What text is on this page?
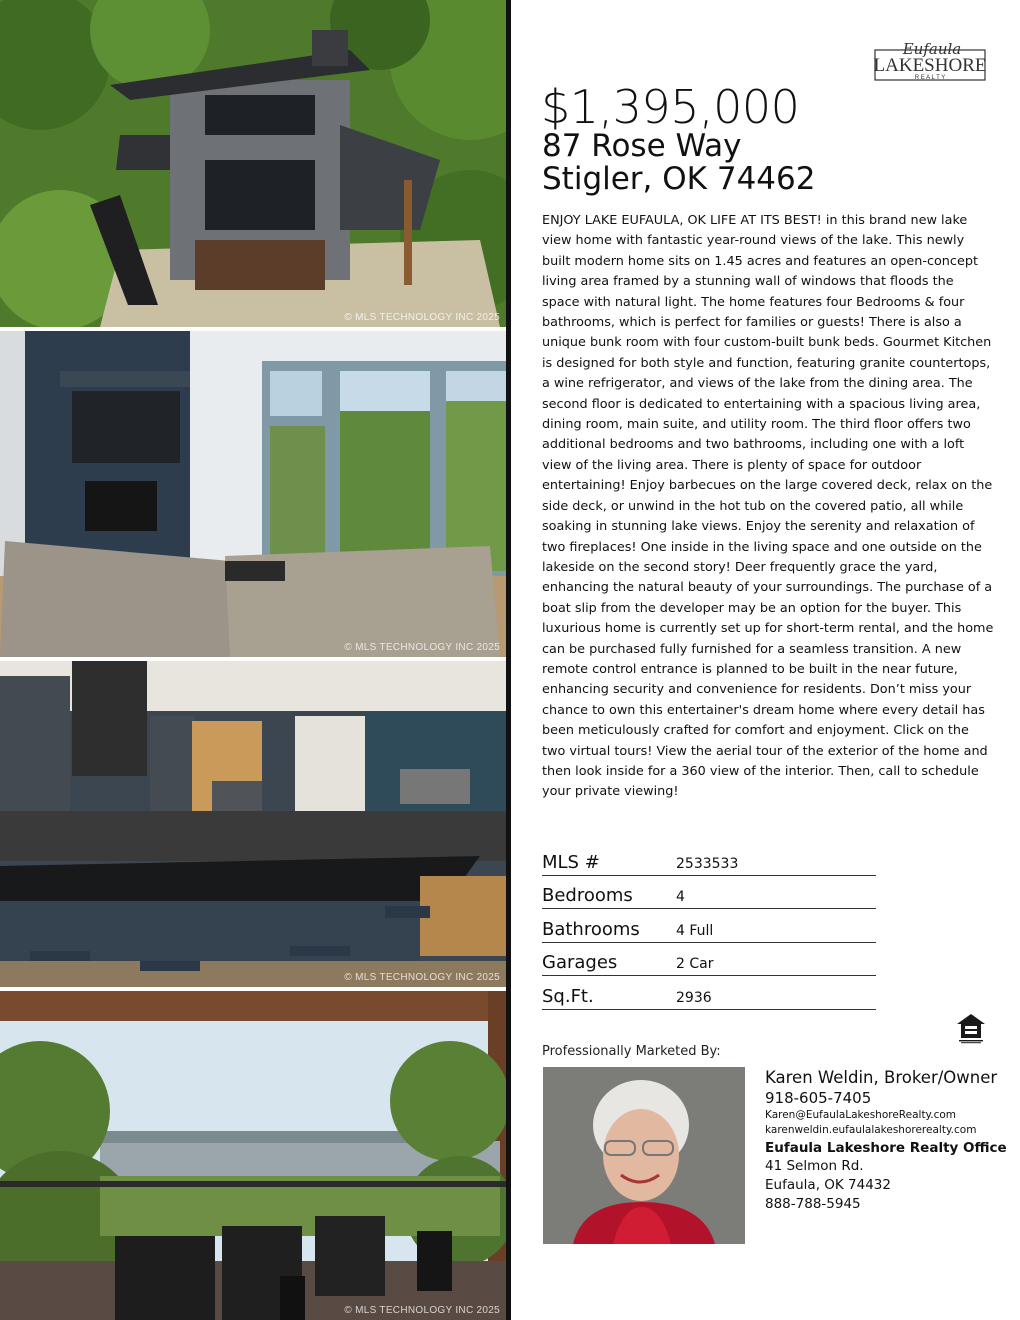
© MLS TECHNOLOGY INC 2025
© MLS TECHNOLOGY INC 2025
© MLS TECHNOLOGY INC 2025
© MLS TECHNOLOGY INC 2025
Eufaula
LAKESHORE
R E A L T Y
$1,395,000
87 Rose Way
Stigler, OK 74462
ENJOY LAKE EUFAULA, OK LIFE AT ITS BEST! in this brand new lake view home with fantastic year-round views of the lake. This newly built modern home sits on 1.45 acres and features an open-concept living area framed by a stunning wall of windows that floods the space with natural light. The home features four Bedrooms & four bathrooms, which is perfect for families or guests! There is also a unique bunk room with four custom-built bunk beds. Gourmet Kitchen is designed for both style and function, featuring granite countertops, a wine refrigerator, and views of the lake from the dining area. The second floor is dedicated to entertaining with a spacious living area, dining room, main suite, and utility room. The third floor offers two additional bedrooms and two bathrooms, including one with a loft view of the living area. There is plenty of space for outdoor entertaining! Enjoy barbecues on the large covered deck, relax on the side deck, or unwind in the hot tub on the covered patio, all while soaking in stunning lake views. Enjoy the serenity and relaxation of two fireplaces! One inside in the living space and one outside on the lakeside on the second story! Deer frequently grace the yard, enhancing the natural beauty of your surroundings. The purchase of a boat slip from the developer may be an option for the buyer. This luxurious home is currently set up for short-term rental, and the home can be purchased fully furnished for a seamless transition. A new remote control entrance is planned to be built in the near future, enhancing security and convenience for residents. Don’t miss your chance to own this entertainer's dream home where every detail has been meticulously crafted for comfort and enjoyment. Click on the two virtual tours! View the aerial tour of the exterior of the home and then look inside for a 360 view of the interior. Then, call to schedule your private viewing!
MLS #	2533533
Bedrooms	4
Bathrooms	4 Full
Garages	2 Car
Sq.Ft.	2936
Professionally Marketed By:
Karen Weldin, Broker/Owner
918-605-7405
Karen@EufaulaLakeshoreRealty.com
karenweldin.eufaulalakeshorerealty.com
Eufaula Lakeshore Realty Office
41 Selmon Rd.
Eufaula, OK 74432
888-788-5945
